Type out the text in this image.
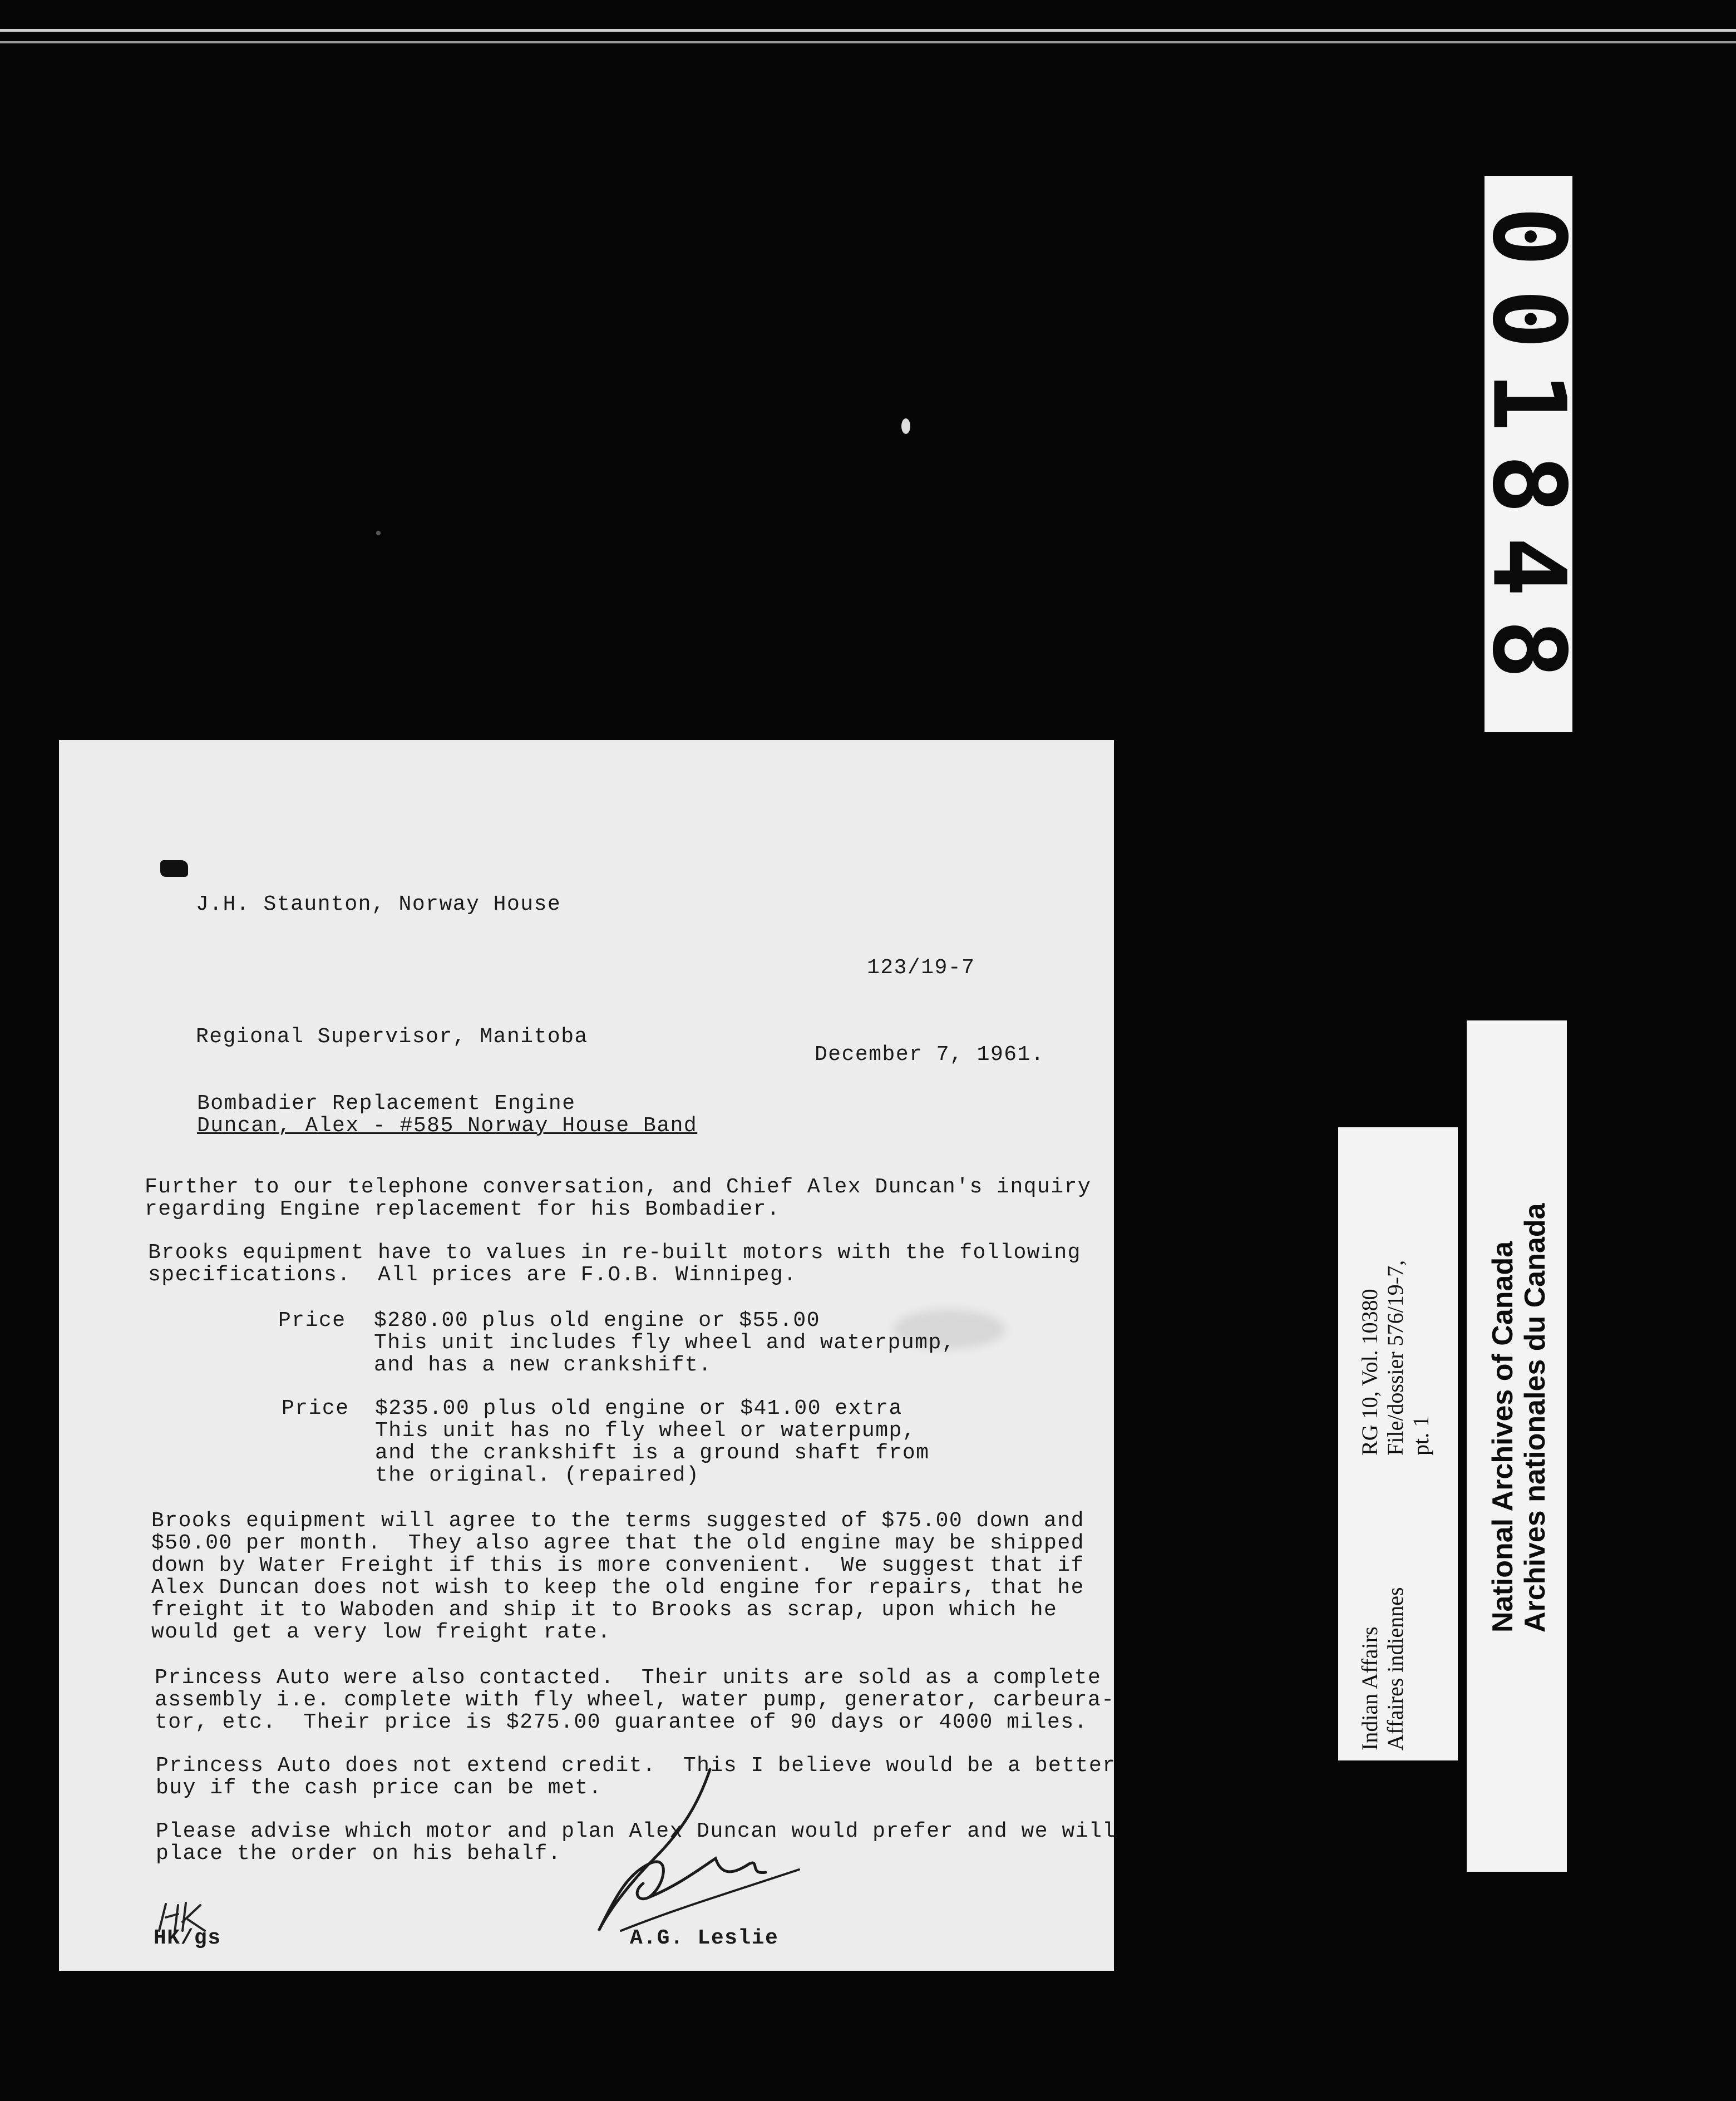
001848
J.H. Staunton, Norway House
123/19-7
Regional Supervisor, Manitoba
December 7, 1961.
Bombadier Replacement Engine
Duncan, Alex - #585 Norway House Band
Further to our telephone conversation, and Chief Alex Duncan's inquiry
regarding Engine replacement for his Bombadier.
Brooks equipment have to values in re-built motors with the following
specifications.  All prices are F.O.B. Winnipeg.
Price $280.00 plus old engine or $55.00
This unit includes fly wheel and waterpump,
and has a new crankshift.
Price $235.00 plus old engine or $41.00 extra
This unit has no fly wheel or waterpump,
and the crankshift is a ground shaft from
the original. (repaired)
Brooks equipment will agree to the terms suggested of $75.00 down and
$50.00 per month.  They also agree that the old engine may be shipped
down by Water Freight if this is more convenient.  We suggest that if
Alex Duncan does not wish to keep the old engine for repairs, that he
freight it to Waboden and ship it to Brooks as scrap, upon which he
would get a very low freight rate.
Princess Auto were also contacted.  Their units are sold as a complete
assembly i.e. complete with fly wheel, water pump, generator, carbeura-
tor, etc.  Their price is $275.00 guarantee of 90 days or 4000 miles.
Princess Auto does not extend credit.  This I believe would be a better
buy if the cash price can be met.
Please advise which motor and plan Alex Duncan would prefer and we will
place the order on his behalf.
HK/gs	A.G. Leslie
Indian Affairs Affaires indiennes
RG 10, Vol. 10380 File/dossier 576/19-7, pt. 1 National Archives of Canada Archives nationales du Canada
